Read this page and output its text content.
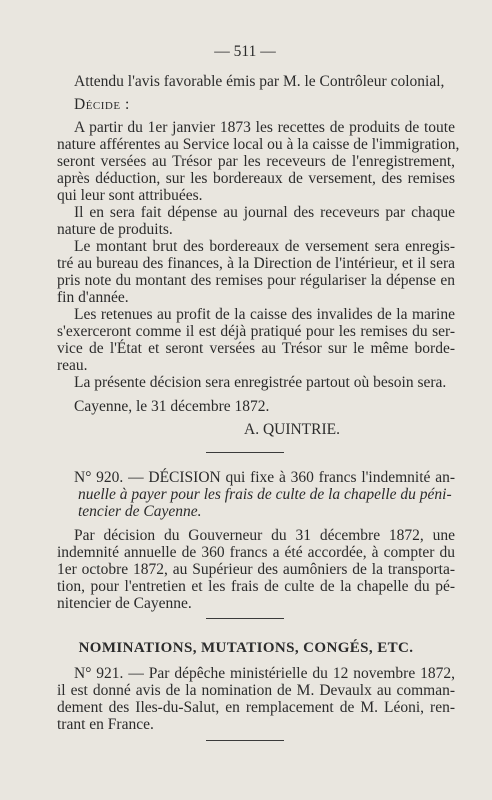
— 511 —
Attendu l'avis favorable émis par M. le Contrôleur colonial,
Décide :
A partir du 1er janvier 1873 les recettes de produits de toute
nature afférentes au Service local ou à la caisse de l'immigration,
seront versées au Trésor par les receveurs de l'enregistrement,
après déduction, sur les bordereaux de versement, des remises
qui leur sont attribuées.
Il en sera fait dépense au journal des receveurs par chaque
nature de produits.
Le montant brut des bordereaux de versement sera enregis-
tré au bureau des finances, à la Direction de l'intérieur, et il sera
pris note du montant des remises pour régulariser la dépense en
fin d'année.
Les retenues au profit de la caisse des invalides de la marine
s'exerceront comme il est déjà pratiqué pour les remises du ser-
vice de l'État et seront versées au Trésor sur le même borde-
reau.
La présente décision sera enregistrée partout où besoin sera.
Cayenne, le 31 décembre 1872.
A. QUINTRIE.
N° 920. — DÉCISION qui fixe à 360 francs l'indemnité an-
nuelle à payer pour les frais de culte de la chapelle du péni-
tencier de Cayenne.
Par décision du Gouverneur du 31 décembre 1872, une
indemnité annuelle de 360 francs a été accordée, à compter du
1er octobre 1872, au Supérieur des aumôniers de la transporta-
tion, pour l'entretien et les frais de culte de la chapelle du pé-
nitencier de Cayenne.
NOMINATIONS, MUTATIONS, CONGÉS, ETC.
N° 921. — Par dépêche ministérielle du 12 novembre 1872,
il est donné avis de la nomination de M. Devaulx au comman-
dement des Iles-du-Salut, en remplacement de M. Léoni, ren-
trant en France.
